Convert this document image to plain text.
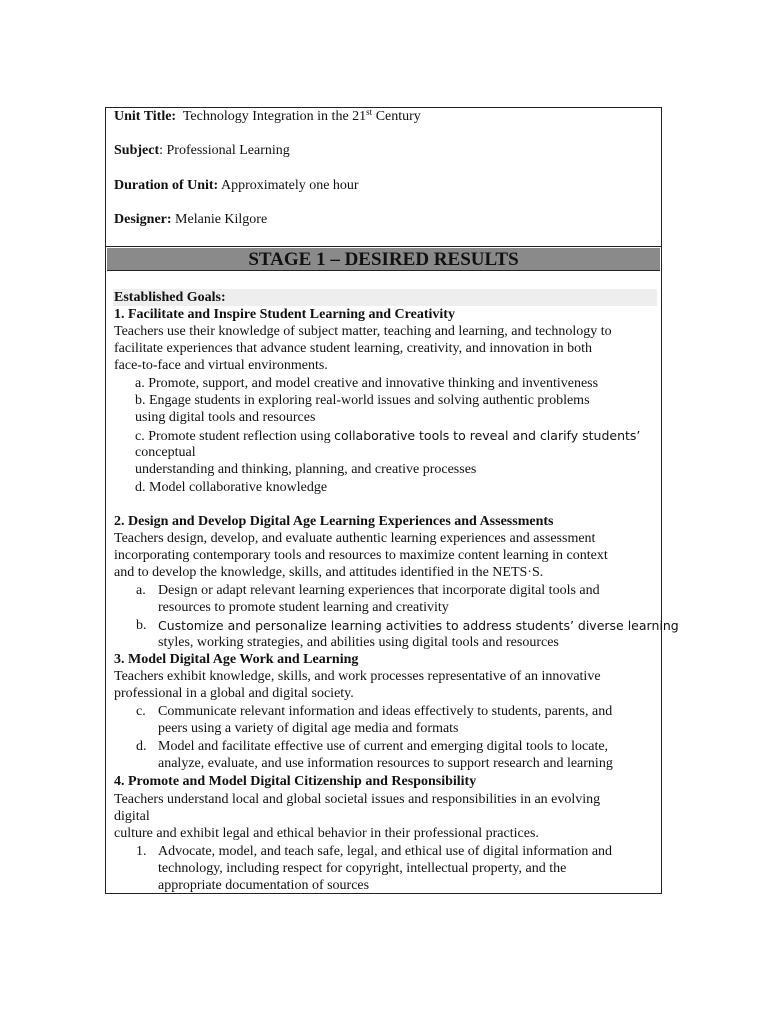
Unit Title: Technology Integration in the 21st Century
Subject: Professional Learning
Duration of Unit: Approximately one hour
Designer: Melanie Kilgore
STAGE 1 – DESIRED RESULTS
Established Goals:
1. Facilitate and Inspire Student Learning and Creativity
Teachers use their knowledge of subject matter, teaching and learning, and technology to
facilitate experiences that advance student learning, creativity, and innovation in both
face-to-face and virtual environments.
a. Promote, support, and model creative and innovative thinking and inventiveness
b. Engage students in exploring real-world issues and solving authentic problems
using digital tools and resources
c. Promote student reflection using collaborative tools to reveal and clarify students’
conceptual
understanding and thinking, planning, and creative processes
d. Model collaborative knowledge
2. Design and Develop Digital Age Learning Experiences and Assessments
Teachers design, develop, and evaluate authentic learning experiences and assessment
incorporating contemporary tools and resources to maximize content learning in context
and to develop the knowledge, skills, and attitudes identified in the NETS·S.
a. Design or adapt relevant learning experiences that incorporate digital tools and
resources to promote student learning and creativity
b. Customize and personalize learning activities to address students’ diverse learning
styles, working strategies, and abilities using digital tools and resources
3. Model Digital Age Work and Learning
Teachers exhibit knowledge, skills, and work processes representative of an innovative
professional in a global and digital society.
c. Communicate relevant information and ideas effectively to students, parents, and
peers using a variety of digital age media and formats
d. Model and facilitate effective use of current and emerging digital tools to locate,
analyze, evaluate, and use information resources to support research and learning
4. Promote and Model Digital Citizenship and Responsibility
Teachers understand local and global societal issues and responsibilities in an evolving
digital
culture and exhibit legal and ethical behavior in their professional practices.
1. Advocate, model, and teach safe, legal, and ethical use of digital information and
technology, including respect for copyright, intellectual property, and the
appropriate documentation of sources
